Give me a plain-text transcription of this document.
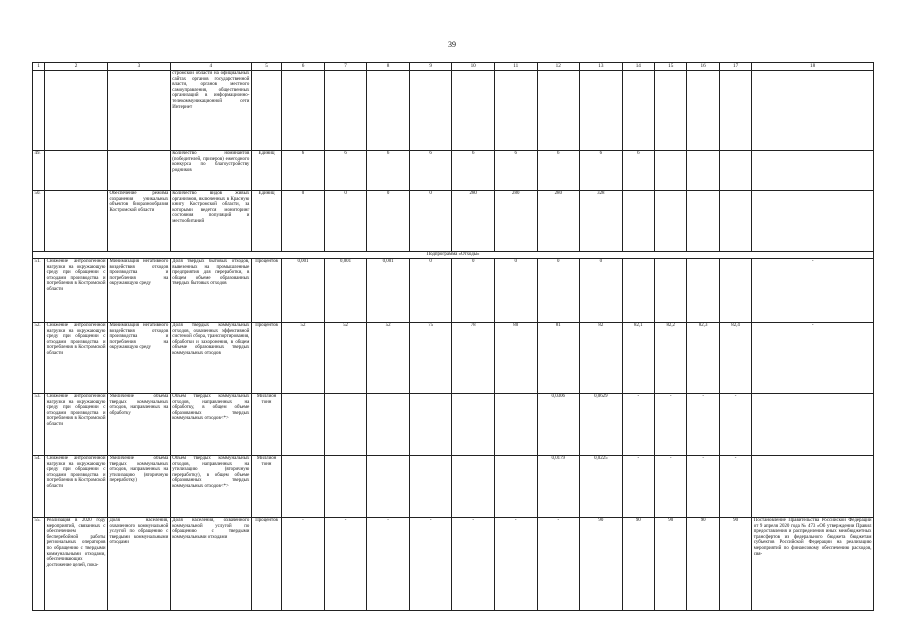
39
1	2	3	4	5	6	7	8	9	10	11	12	13	14	15	16	17	18
			стромской области на официальных сайтах органов государственной власти, органов местного самоуправления, общественных организаций в информационно-телекоммуникационной сети Интернет														
49.			Количество номинантов (победителей, призеров) ежегодного конкурса по благоустройству родников	Единиц	6	6	6	6	6	6	6	6	6				
50.		Обеспечение режима сохранения уникальных объектов биоразнообразия Костромской области	Количество видов живых организмов, включенных в Красную книгу Костромской области, за которыми ведется мониторинг состояния популяций и местообитаний	Единиц	0	0	0	0	280	280	280	328					
Подпрограмма «Отходы»																	
51.	Снижение антропогенной нагрузки на окружающую среду при обращении с отходами производства и потребления в Костромской области	Минимизация негативного воздействия отходов производства и потребления на окружающую среду	Доля твердых бытовых отходов, вывезенных на промышленные предприятия для переработки, в общем объеме образованных твердых бытовых отходов	Процентов	0,001	0,001	0,001	0	0	0	0	0					-
52.	Снижение антропогенной нагрузки на окружающую среду при обращении с отходами производства и потребления в Костромской области	Минимизация негативного воздействия отходов производства и потребления на окружающую среду	Доля твердых коммунальных отходов, охваченных эффективной системой сбора, транспортирования, обработки и захоронения, в общем объеме образованных твердых коммунальных отходов	Процентов	52	52	52	75	78	80	81	82	82,1	82,2	82,3	82,4	-
53.	Снижение антропогенной нагрузки на окружающую среду при обращении с отходами производства и потребления в Костромской области	Увеличение объема твердых коммунальных отходов, направленных на обработку	Объем твердых коммунальных отходов, направленных на обработку, в общем объеме образованных твердых коммунальных отходов<*>	Миллион тонн							0,0306	0,0629	-	-	-	-	
54.	Снижение антропогенной нагрузки на окружающую среду при обращении с отходами производства и потребления в Костромской области	Увеличение объема твердых коммунальных отходов, направленных на утилизацию (вторичную переработку)	Объем твердых коммунальных отходов, направленных на утилизацию (вторичную переработку), в общем объеме образованных твердых коммунальных отходов<*>	Миллион тонн							0,0179	0,0225	-	-	-	-	
55.	Реализация в 2020 году мероприятий, связанных с обеспечением бесперебойной работы региональных операторов по обращению с твердыми коммунальными отходами, обеспечивающих достижение целей, пока-	Доля населения, охваченного коммунальной услугой по обращению с твердыми коммунальными отходами	Доля населения, охваченного коммунальной услугой по обращению с твердыми коммунальными отходами	Процентов	-	-	-	-	-	-	-	90	90	90	90	90	Постановление Правительства Российской Федерации от 9 апреля 2020 года № 473 «Об утверждении Правил предоставления и распределения иных межбюджетных трансфертов из федерального бюджета бюджетам субъектов Российской Федерации на реализацию мероприятий по финансовому обеспечению расходов, свя-
